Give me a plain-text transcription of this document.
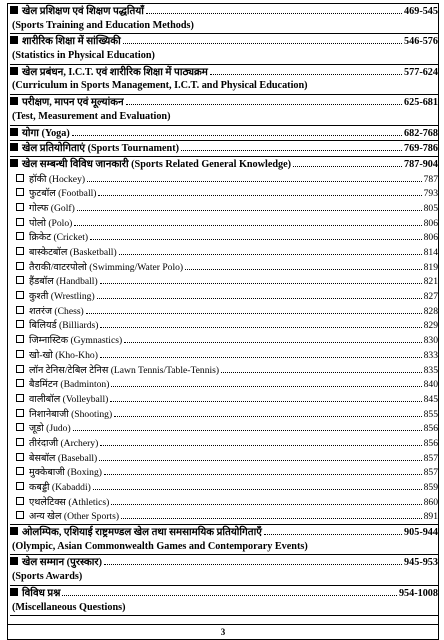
खेल प्रशिक्षण एवं शिक्षण पद्धतियाँ	469-545
(Sports Training and Education Methods)
शारीरिक शिक्षा में सांख्यिकी	546-576
(Statistics in Physical Education)
खेल प्रबंधन, I.C.T. एवं शारीरिक शिक्षा में पाठ्यक्रम	577-624
(Curriculum in Sports Management, I.C.T. and Physical Education)
परीक्षण, मापन एवं मूल्यांकन	625-681
(Test, Measurement and Evaluation)
योगा (Yoga)	682-768
खेल प्रतियोगिताएं (Sports Tournament)	769-786
खेल सम्बन्धी विविध जानकारी (Sports Related General Knowledge)	787-904
हॉकी (Hockey)	787
फुटबॉल (Football)	793
गोल्फ (Golf)	805
पोलो (Polo)	806
क्रिकेट (Cricket)	806
बास्केटबॉल (Basketball)	814
तैराकी/वाटरपोलो (Swimming/Water Polo)	819
हैंडबॉल (Handball)	821
कुश्ती (Wrestling)	827
शतरंज (Chess)	828
बिलियर्ड (Billiards)	829
जिम्नास्टिक (Gymnastics)	830
खो-खो (Kho-Kho)	833
लॉन टेनिस/टेबिल टेनिस (Lawn Tennis/Table-Tennis)	835
बैडमिंटन (Badminton)	840
वालीबॉल (Volleyball)	845
निशानेबाजी (Shooting)	855
जूडो (Judo)	856
तीरंदाजी (Archery)	856
बेसबॉल (Baseball)	857
मुक्केबाजी (Boxing)	857
कबड्डी (Kabaddi)	859
एथलेटिक्स (Athletics)	860
अन्य खेल (Other Sports)	891
ओलम्पिक, एशियाई राष्ट्रमण्डल खेल तथा समसामयिक प्रतियोगिताएँ	905-944
(Olympic, Asian Commonwealth Games and Contemporary Events)
खेल सम्मान (पुरस्कार)	945-953
(Sports Awards)
विविध प्रश्न	954-1008
(Miscellaneous Questions)
3
